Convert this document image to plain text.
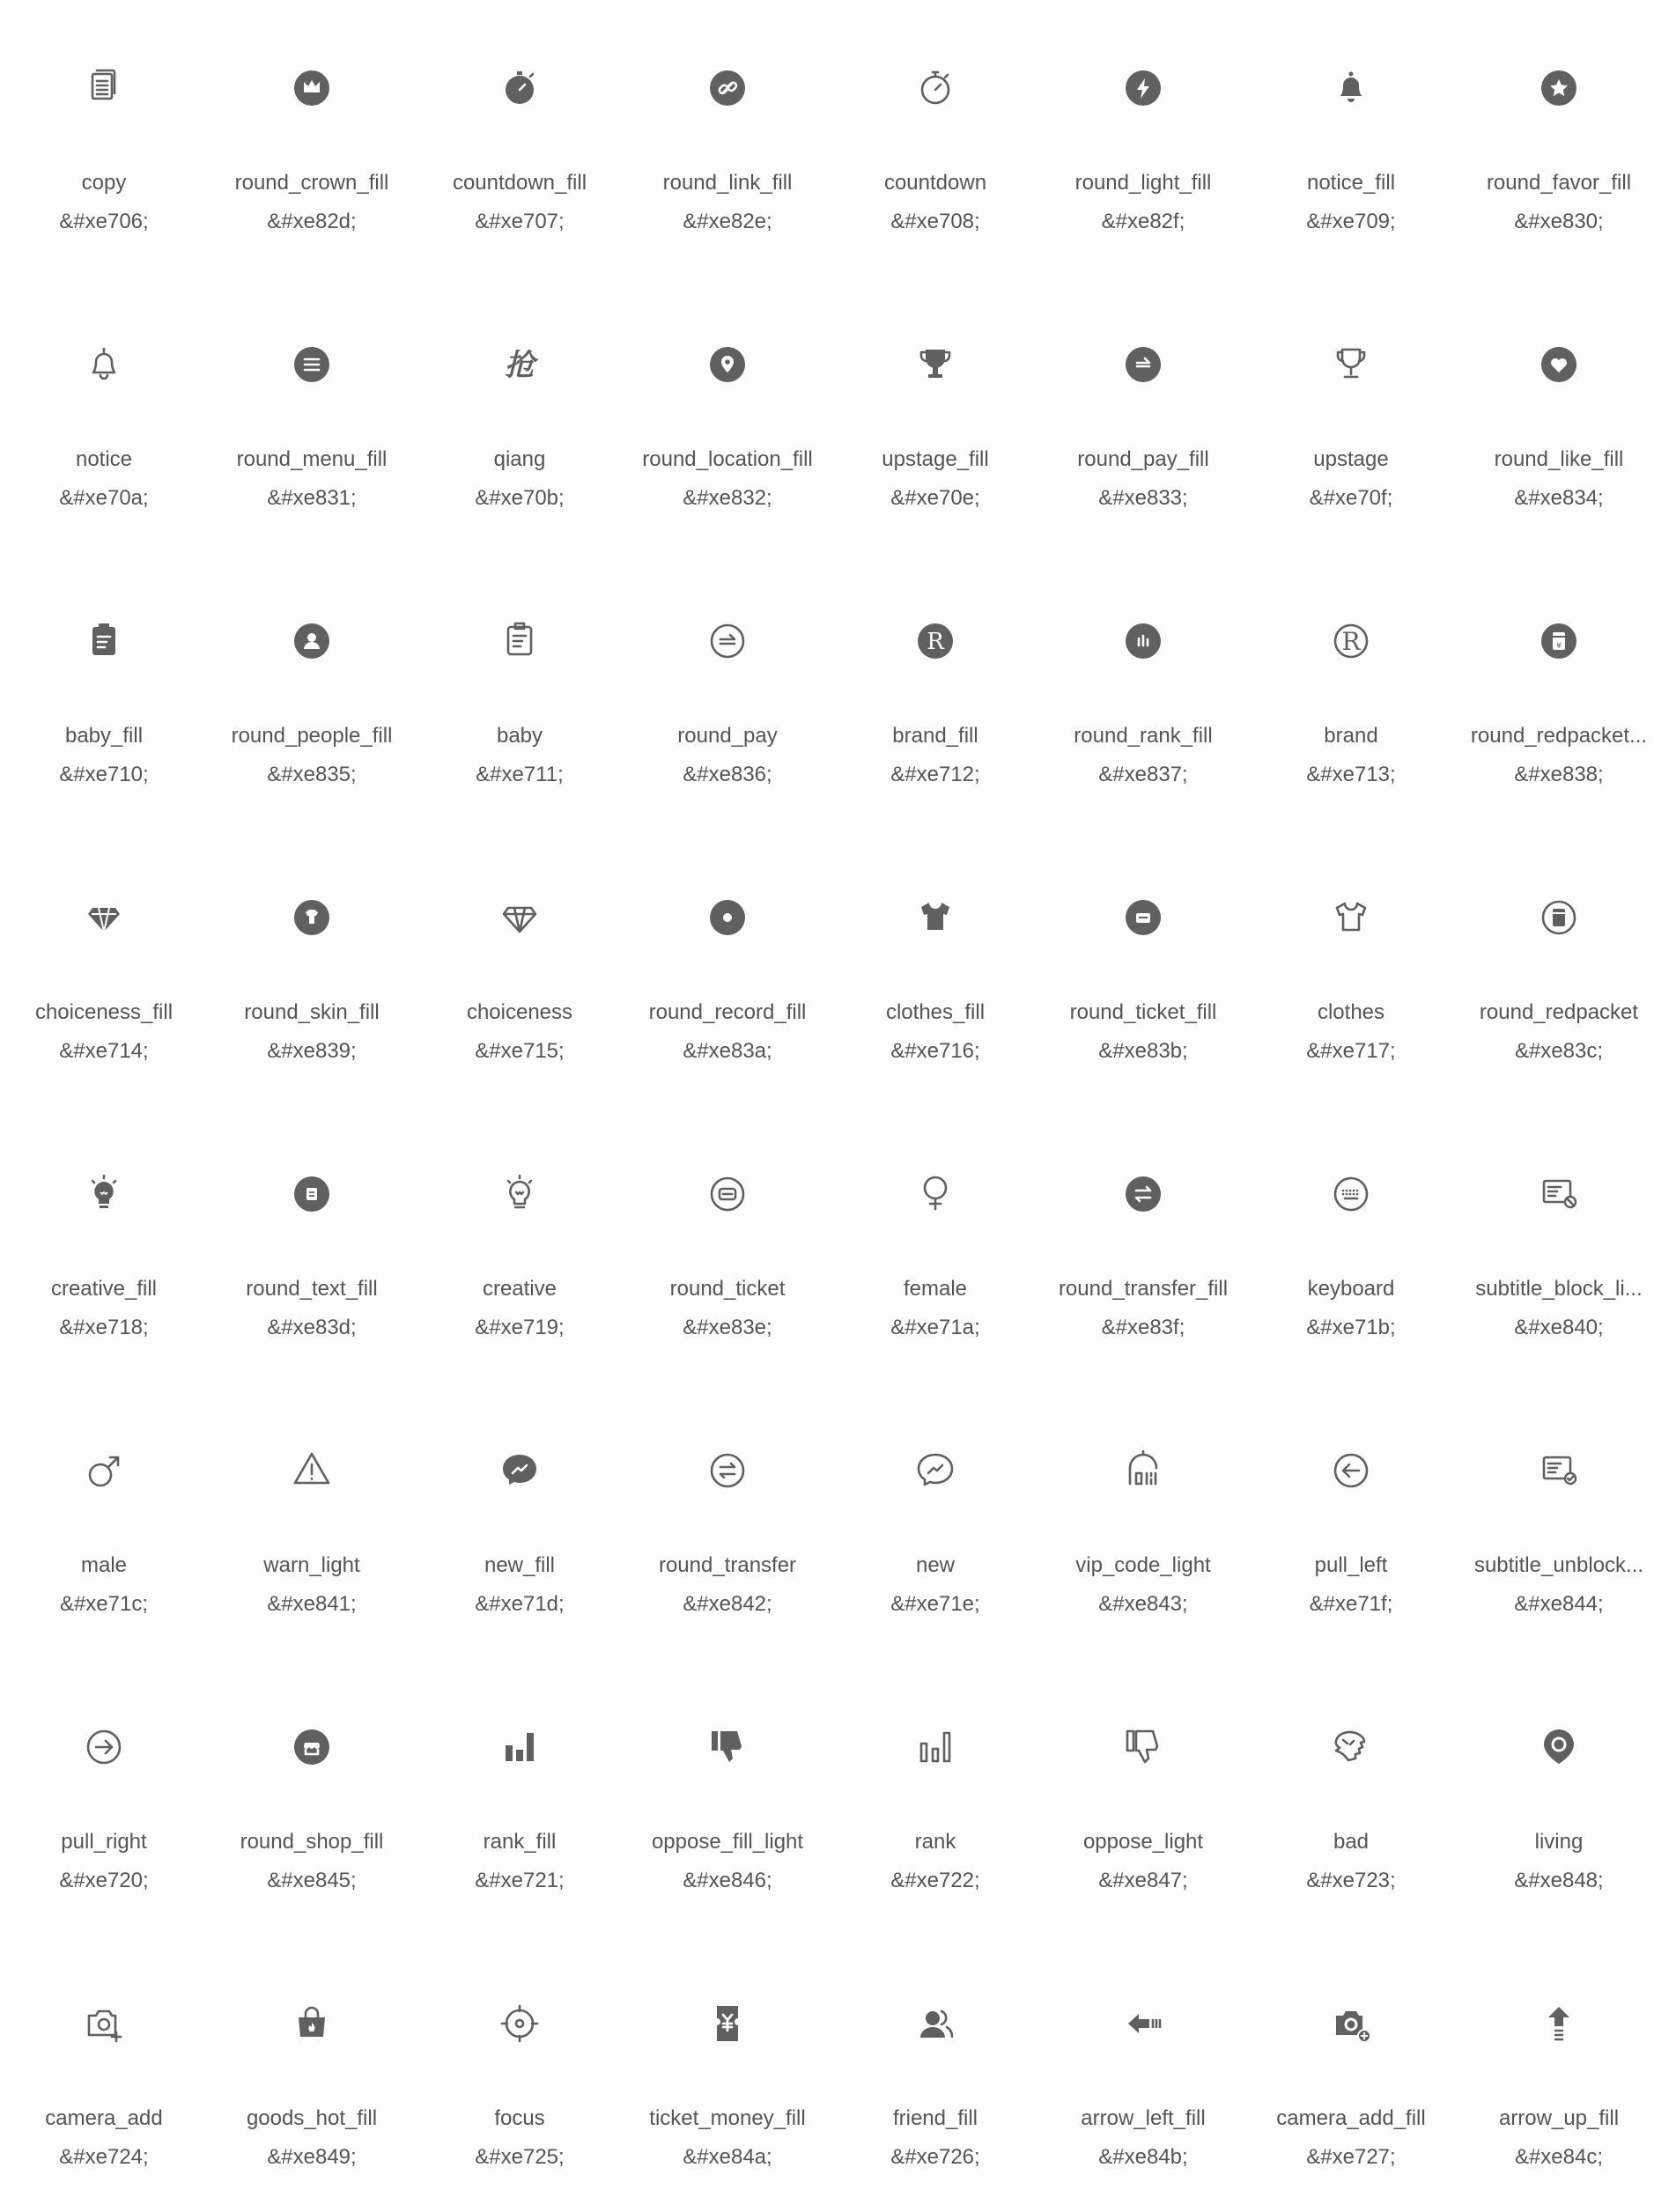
copy
&#xe706;
round_crown_fill
&#xe82d;
countdown_fill
&#xe707;
round_link_fill
&#xe82e;
countdown
&#xe708;
round_light_fill
&#xe82f;
notice_fill
&#xe709;
round_favor_fill
&#xe830;
notice
&#xe70a;
round_menu_fill
&#xe831;
抢
qiang
&#xe70b;
round_location_fill
&#xe832;
upstage_fill
&#xe70e;
round_pay_fill
&#xe833;
upstage
&#xe70f;
round_like_fill
&#xe834;
baby_fill
&#xe710;
round_people_fill
&#xe835;
baby
&#xe711;
round_pay
&#xe836;
R
brand_fill
&#xe712;
round_rank_fill
&#xe837;
R
brand
&#xe713;
¥
round_redpacket...
&#xe838;
choiceness_fill
&#xe714;
round_skin_fill
&#xe839;
choiceness
&#xe715;
round_record_fill
&#xe83a;
clothes_fill
&#xe716;
round_ticket_fill
&#xe83b;
clothes
&#xe717;
round_redpacket
&#xe83c;
creative_fill
&#xe718;
round_text_fill
&#xe83d;
creative
&#xe719;
round_ticket
&#xe83e;
female
&#xe71a;
round_transfer_fill
&#xe83f;
keyboard
&#xe71b;
subtitle_block_li...
&#xe840;
male
&#xe71c;
warn_light
&#xe841;
new_fill
&#xe71d;
round_transfer
&#xe842;
new
&#xe71e;
vip_code_light
&#xe843;
pull_left
&#xe71f;
subtitle_unblock...
&#xe844;
pull_right
&#xe720;
round_shop_fill
&#xe845;
rank_fill
&#xe721;
oppose_fill_light
&#xe846;
rank
&#xe722;
oppose_light
&#xe847;
bad
&#xe723;
living
&#xe848;
camera_add
&#xe724;
goods_hot_fill
&#xe849;
focus
&#xe725;
ticket_money_fill
&#xe84a;
friend_fill
&#xe726;
arrow_left_fill
&#xe84b;
camera_add_fill
&#xe727;
arrow_up_fill
&#xe84c;
